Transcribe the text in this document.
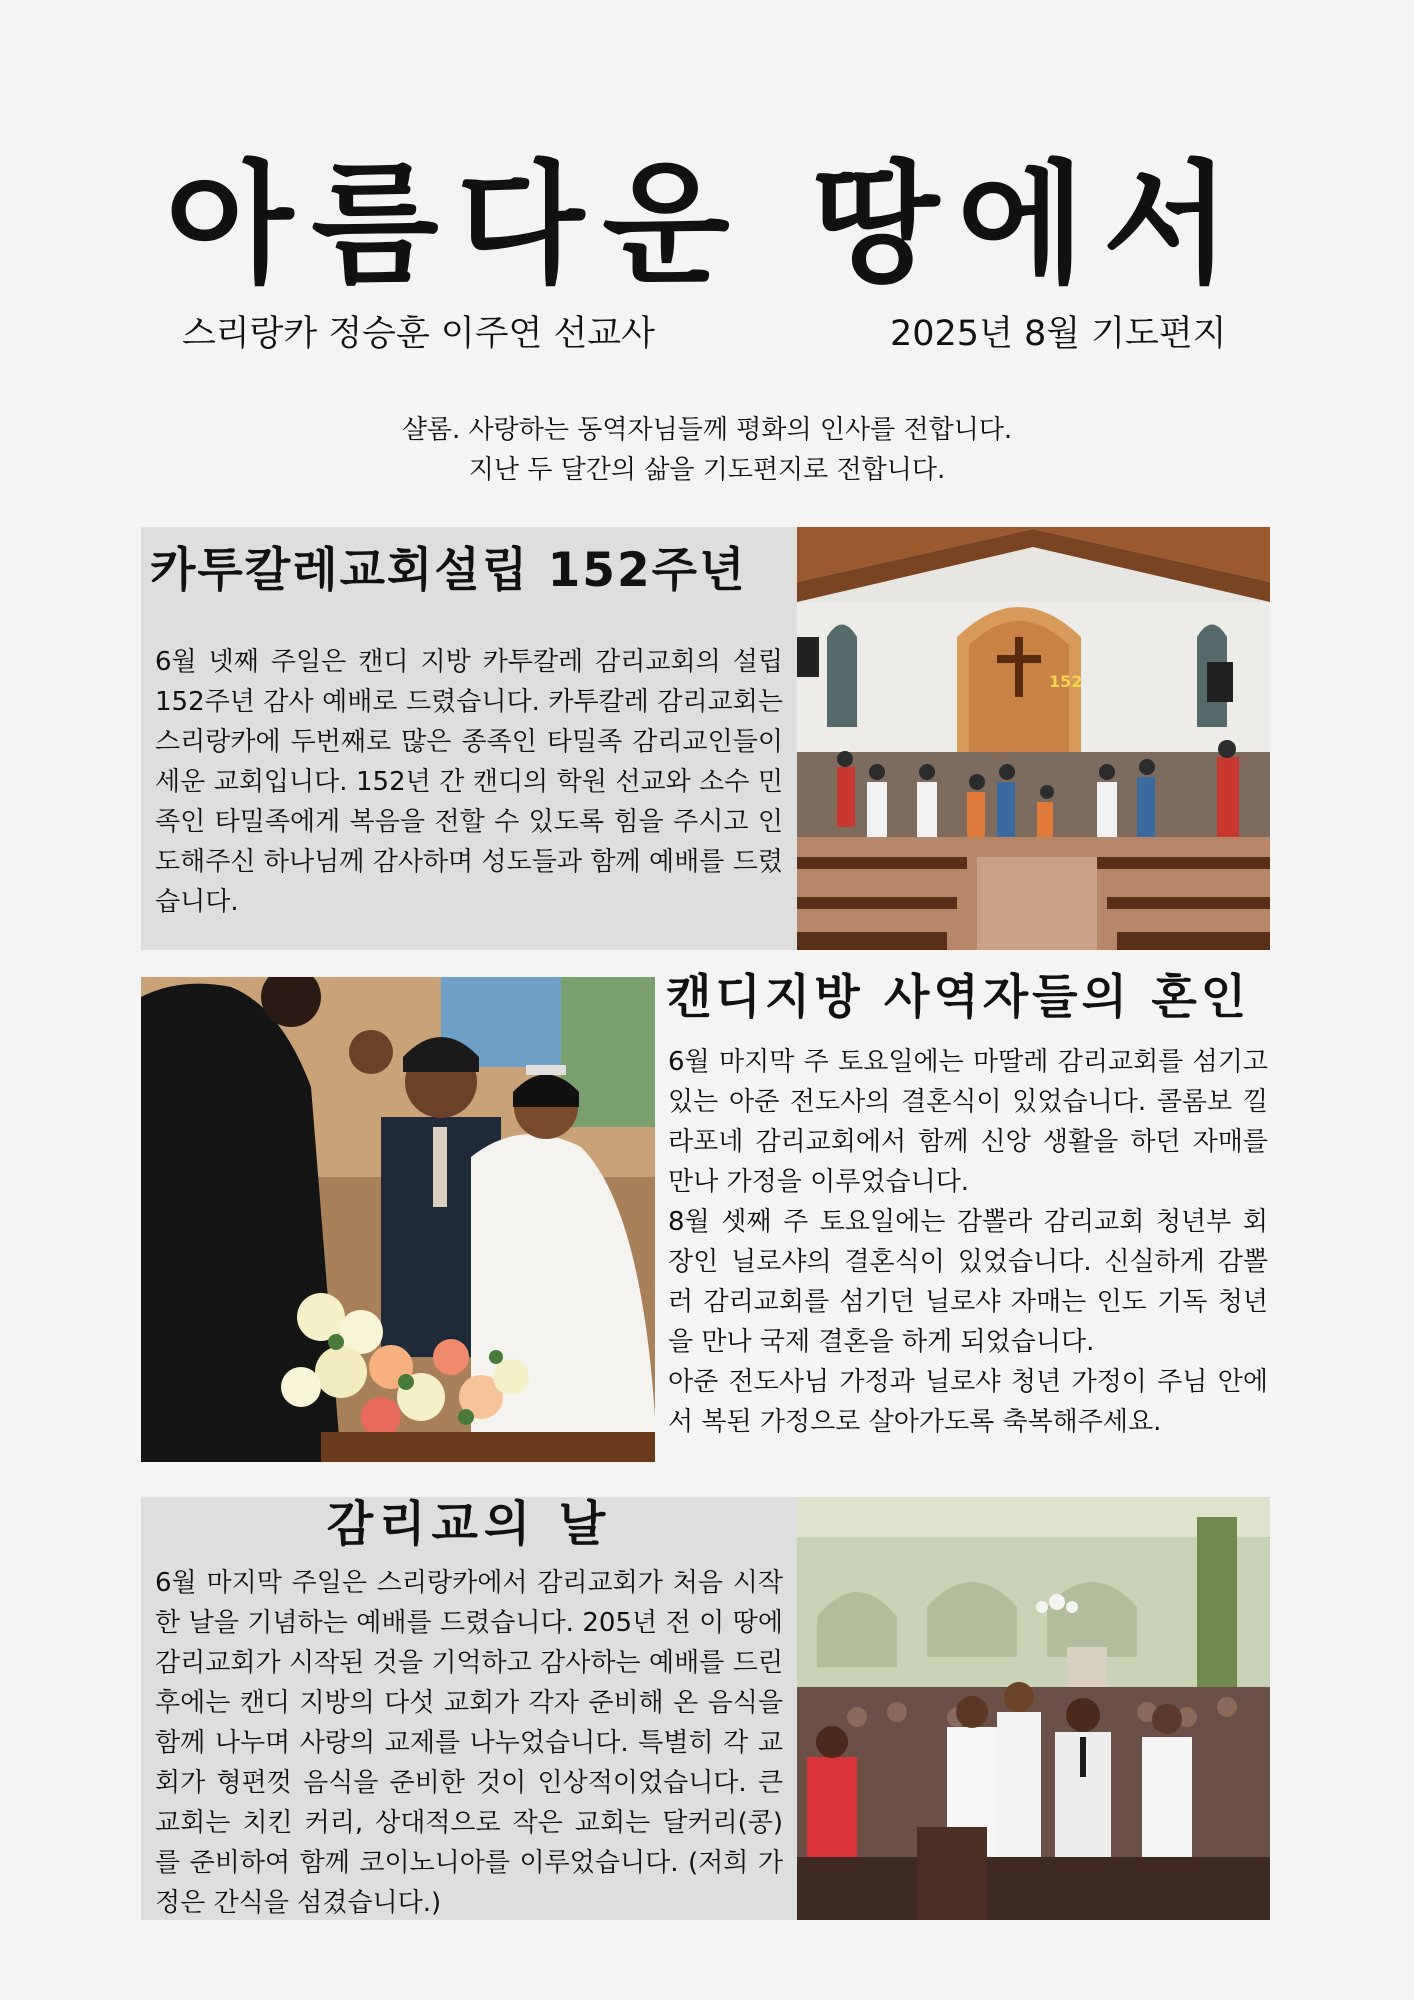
아름다운 땅에서
스리랑카 정승훈 이주연 선교사	2025년 8월 기도편지
샬롬. 사랑하는 동역자님들께 평화의 인사를 전합니다.
지난 두 달간의 삶을 기도편지로 전합니다.
카투칼레교회설립 152주년

6월 넷째 주일은 캔디 지방 카투칼레 감리교회의 설립 152주년 감사 예배로 드렸습니다. 카투칼레 감리교회는 스리랑카에 두번째로 많은 종족인 타밀족 감리교인들이 세운 교회입니다. 152년 간 캔디의 학원 선교와 소수 민족인 타밀족에게 복음을 전할 수 있도록 힘을 주시고 인도해주신 하나님께 감사하며 성도들과 함께 예배를 드렸습니다.

152
캔디지방 사역자들의 혼인

6월 마지막 주 토요일에는 마딸레 감리교회를 섬기고 있는 아준 전도사의 결혼식이 있었습니다. 콜롬보 낄라포네 감리교회에서 함께 신앙 생활을 하던 자매를 만나 가정을 이루었습니다.

8월 셋째 주 토요일에는 감뽈라 감리교회 청년부 회장인 닐로샤의 결혼식이 있었습니다. 신실하게 감뽈러 감리교회를 섬기던 닐로샤 자매는 인도 기독 청년을 만나 국제 결혼을 하게 되었습니다.

아준 전도사님 가정과 닐로샤 청년 가정이 주님 안에서 복된 가정으로 살아가도록 축복해주세요.

감리교의 날

6월 마지막 주일은 스리랑카에서 감리교회가 처음 시작한 날을 기념하는 예배를 드렸습니다. 205년 전 이 땅에 감리교회가 시작된 것을 기억하고 감사하는 예배를 드린 후에는 캔디 지방의 다섯 교회가 각자 준비해 온 음식을 함께 나누며 사랑의 교제를 나누었습니다. 특별히 각 교회가 형편껏 음식을 준비한 것이 인상적이었습니다. 큰 교회는 치킨 커리, 상대적으로 작은 교회는 달커리(콩)를 준비하여 함께 코이노니아를 이루었습니다. (저희 가정은 간식을 섬겼습니다.)
